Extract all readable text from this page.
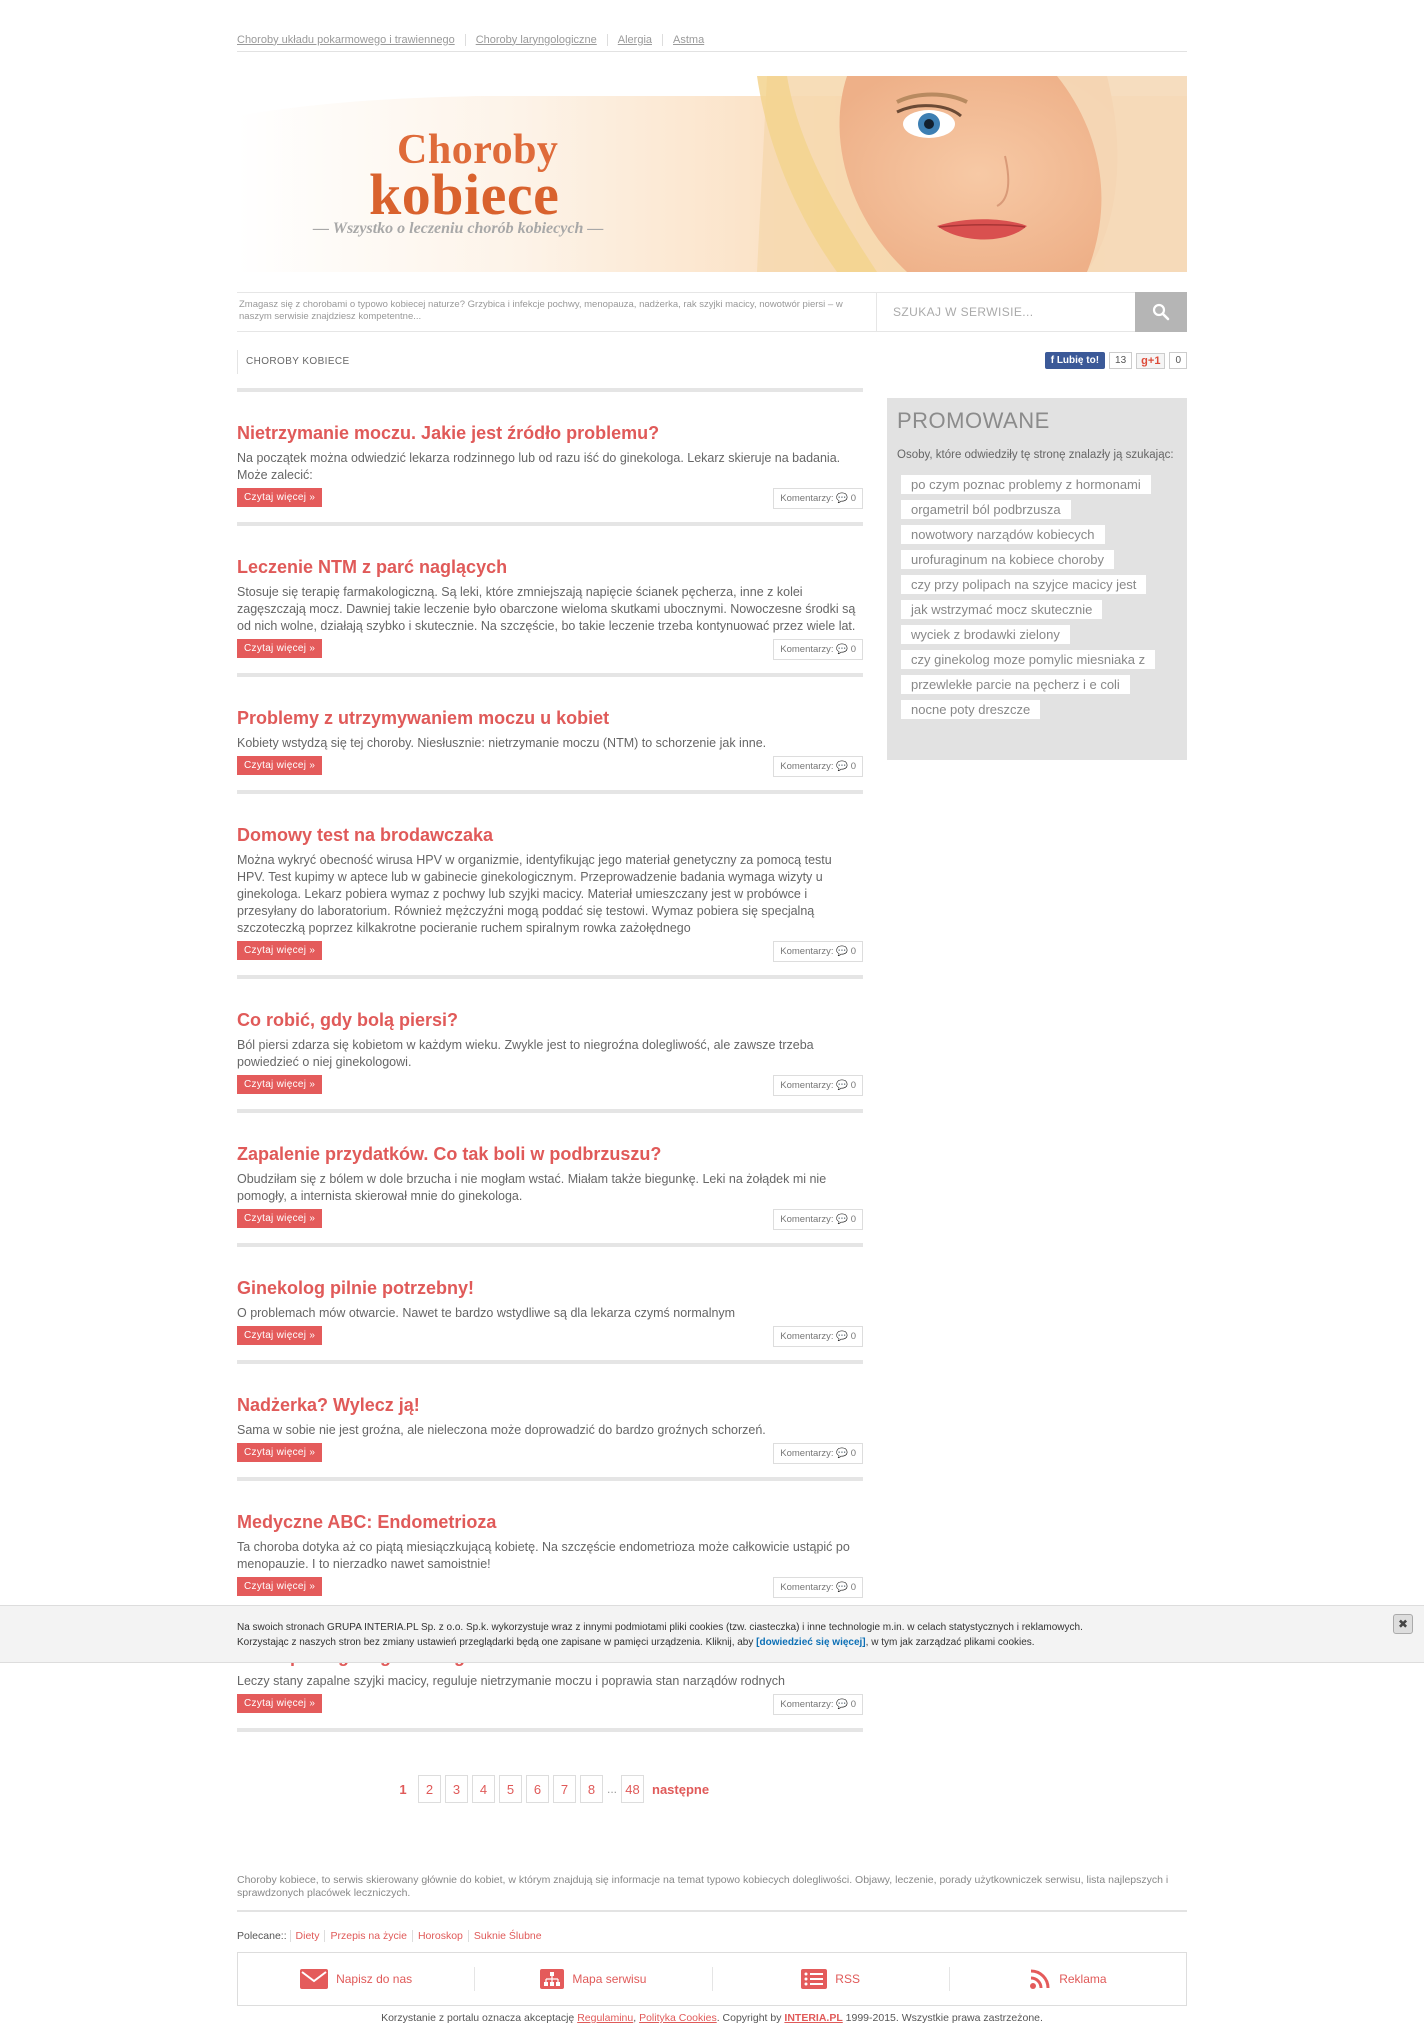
Choroby układu pokarmowego i trawiennego	Choroby laryngologiczne	Alergia	Astma
Choroby
kobiece
— Wszystko o leczeniu chorób kobiecych —
Zmagasz się z chorobami o typowo kobiecej naturze? Grzybica i infekcje pochwy, menopauza, nadżerka, rak szyjki macicy, nowotwór piersi – w naszym serwisie znajdziesz kompetentne...	SZUKAJ W SERWISIE...
CHOROBY KOBIECE	f Lubię to!	13	g+1	0
Nietrzymanie moczu. Jakie jest źródło problemu?

Na początek można odwiedzić lekarza rodzinnego lub od razu iść do ginekologa. Lekarz skieruje na badania. Może zalecić:

Czytaj więcej »	Komentarzy: 💬 0
Leczenie NTM z parć naglących

Stosuje się terapię farmakologiczną. Są leki, które zmniejszają napięcie ścianek pęcherza, inne z kolei zagęszczają mocz. Dawniej takie leczenie było obarczone wieloma skutkami ubocznymi. Nowoczesne środki są od nich wolne, działają szybko i skutecznie. Na szczęście, bo takie leczenie trzeba kontynuować przez wiele lat.

Czytaj więcej »	Komentarzy: 💬 0
Problemy z utrzymywaniem moczu u kobiet

Kobiety wstydzą się tej choroby. Niesłusznie: nietrzymanie moczu (NTM) to schorzenie jak inne.

Czytaj więcej »	Komentarzy: 💬 0
Domowy test na brodawczaka

Można wykryć obecność wirusa HPV w organizmie, identyfikując jego materiał genetyczny za pomocą testu HPV. Test kupimy w aptece lub w gabinecie ginekologicznym. Przeprowadzenie badania wymaga wizyty u ginekologa. Lekarz pobiera wymaz z pochwy lub szyjki macicy. Materiał umieszczany jest w probówce i przesyłany do laboratorium. Również mężczyźni mogą poddać się testowi. Wymaz pobiera się specjalną szczoteczką poprzez kilkakrotne pocieranie ruchem spiralnym rowka zażołędnego

Czytaj więcej »	Komentarzy: 💬 0
Co robić, gdy bolą piersi?

Ból piersi zdarza się kobietom w każdym wieku. Zwykle jest to niegroźna dolegliwość, ale zawsze trzeba powiedzieć o niej ginekologowi.

Czytaj więcej »	Komentarzy: 💬 0
Zapalenie przydatków. Co tak boli w podbrzuszu?

Obudziłam się z bólem w dole brzucha i nie mogłam wstać. Miałam także biegunkę. Leki na żołądek mi nie pomogły, a internista skierował mnie do ginekologa.

Czytaj więcej »	Komentarzy: 💬 0
Ginekolog pilnie potrzebny!

O problemach mów otwarcie. Nawet te bardzo wstydliwe są dla lekarza czymś normalnym

Czytaj więcej »	Komentarzy: 💬 0
Nadżerka? Wylecz ją!

Sama w sobie nie jest groźna, ale nieleczona może doprowadzić do bardzo groźnych schorzeń.

Czytaj więcej »	Komentarzy: 💬 0
Medyczne ABC: Endometrioza

Ta choroba dotyka aż co piątą miesiączkującą kobietę. Na szczęście endometrioza może całkowicie ustąpić po menopauzie. I to nierzadko nawet samoistnie!

Czytaj więcej »	Komentarzy: 💬 0

Leczy stany zapalne szyjki macicy, reguluje nietrzymanie moczu i poprawia stan narządów rodnych

Czytaj więcej »	Komentarzy: 💬 0
PROMOWANE
Osoby, które odwiedziły tę stronę znalazły ją szukając:
po czym poznac problemy z hormonami
orgametril ból podbrzusza
nowotwory narządów kobiecych
urofuraginum na kobiece choroby
czy przy polipach na szyjce macicy jest
jak wstrzymać mocz skutecznie
wyciek z brodawki zielony
czy ginekolog moze pomylic miesniaka z
przewlekłe parcie na pęcherz i e coli
nocne poty dreszcze
Na swoich stronach GRUPA INTERIA.PL Sp. z o.o. Sp.k. wykorzystuje wraz z innymi podmiotami pliki cookies (tzw. ciasteczka) i inne technologie m.in. w celach statystycznych i reklamowych.
Korzystając z naszych stron bez zmiany ustawień przeglądarki będą one zapisane w pamięci urządzenia. Kliknij, aby [dowiedzieć się więcej], w tym jak zarządzać plikami cookies.
✖
1	2	3	4	5	6	7	8 ... 48 następne
Choroby kobiece, to serwis skierowany głównie do kobiet, w którym znajdują się informacje na temat typowo kobiecych dolegliwości. Objawy, leczenie, porady użytkowniczek serwisu, lista najlepszych i sprawdzonych placówek leczniczych.
Polecane:: Diety Przepis na życie Horoskop Suknie Ślubne
Napisz do nas	Mapa serwisu	RSS	Reklama
Korzystanie z portalu oznacza akceptację Regulaminu, Polityka Cookies. Copyright by INTERIA.PL 1999-2015. Wszystkie prawa zastrzeżone.
